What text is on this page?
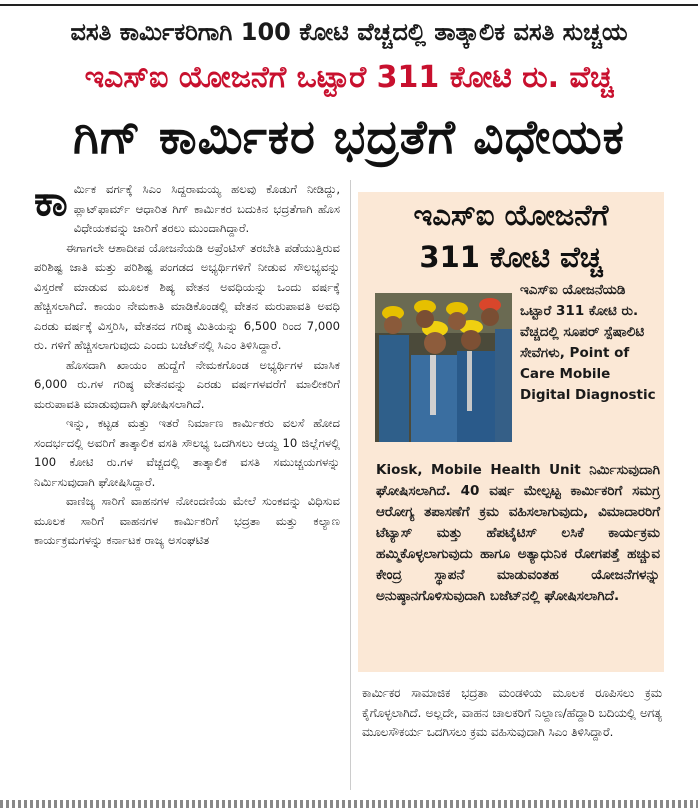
ವಸತಿ ಕಾರ್ಮಿಕರಿಗಾಗಿ 100 ಕೋಟಿ ವೆಚ್ಚದಲ್ಲಿ ತಾತ್ಕಾಲಿಕ ವಸತಿ ಸುಚ್ಚಯ
ಇಎಸ್‌ಐ ಯೋಜನೆಗೆ ಒಟ್ಟಾರೆ 311 ಕೋಟಿ ರು. ವೆಚ್ಚ
ಗಿಗ್ ಕಾರ್ಮಿಕರ ಭದ್ರತೆಗೆ ವಿಧೇಯಕ

ಕಾರ್ಮಿಕ ವರ್ಗಕ್ಕೆ ಸಿಎಂ ಸಿದ್ದರಾಮಯ್ಯ ಹಲವು ಕೊಡುಗೆ ನೀಡಿದ್ದು, ಪ್ಲಾಟ್‌ಫಾರ್ಮ್ ಆಧಾರಿತ ಗಿಗ್ ಕಾರ್ಮಿಕರ ಬದುಕಿನ ಭದ್ರತೆಗಾಗಿ ಹೊಸ ವಿಧೇಯಕವನ್ನು ಜಾರಿಗೆ ತರಲು ಮುಂದಾಗಿದ್ದಾರೆ.

ಈಗಾಗಲೇ ಆಶಾದೀಪ ಯೋಜನೆಯಡಿ ಅಪ್ರೆಂಟಿಸ್ ತರಬೇತಿ ಪಡೆಯುತ್ತಿರುವ ಪರಿಶಿಷ್ಟ ಜಾತಿ ಮತ್ತು ಪರಿಶಿಷ್ಟ ಪಂಗಡದ ಅಭ್ಯರ್ಥಿಗಳಿಗೆ ನೀಡುವ ಸೌಲಭ್ಯವನ್ನು ವಿಸ್ತರಣೆ ಮಾಡುವ ಮೂಲಕ ಶಿಷ್ಯ ವೇತನ ಅವಧಿಯನ್ನು ಒಂದು ವರ್ಷಕ್ಕೆ ಹೆಚ್ಚಿಸಲಾಗಿದೆ. ಕಾಯಂ ನೇಮಕಾತಿ ಮಾಡಿಕೊಂಡಲ್ಲಿ ವೇತನ ಮರುಪಾವತಿ ಅವಧಿ ಎರಡು ವರ್ಷಕ್ಕೆ ವಿಸ್ತರಿಸಿ, ವೇತನದ ಗರಿಷ್ಠ ಮಿತಿಯನ್ನು 6,500 ರಿಂದ 7,000 ರು. ಗಳಿಗೆ ಹೆಚ್ಚಿಸಲಾಗುವುದು ಎಂದು ಬಜೆಟ್‌ನಲ್ಲಿ ಸಿಎಂ ತಿಳಿಸಿದ್ದಾರೆ.

ಹೊಸದಾಗಿ ಖಾಯಂ ಹುದ್ದೆಗೆ ನೇಮಕಗೊಂಡ ಅಭ್ಯರ್ಥಿಗಳ ಮಾಸಿಕ 6,000 ರು.ಗಳ ಗರಿಷ್ಠ ವೇತನವನ್ನು ಎರಡು ವರ್ಷಗಳವರೆಗೆ ಮಾಲೀಕರಿಗೆ ಮರುಪಾವತಿ ಮಾಡುವುದಾಗಿ ಘೋಷಿಸಲಾಗಿದೆ.

ಇನ್ನು, ಕಟ್ಟಡ ಮತ್ತು ಇತರೆ ನಿರ್ಮಾಣ ಕಾರ್ಮಿಕರು ವಲಸೆ ಹೋದ ಸಂದರ್ಭದಲ್ಲಿ ಅವರಿಗೆ ತಾತ್ಕಾಲಿಕ ವಸತಿ ಸೌಲಭ್ಯ ಒದಗಿಸಲು ಆಯ್ದ 10 ಜಿಲ್ಲೆಗಳಲ್ಲಿ 100 ಕೋಟಿ ರು.ಗಳ ವೆಚ್ಚದಲ್ಲಿ ತಾತ್ಕಾಲಿಕ ವಸತಿ ಸಮುಚ್ಚಯಗಳನ್ನು ನಿರ್ಮಿಸುವುದಾಗಿ ಘೋಷಿಸಿದ್ದಾರೆ.

ವಾಣಿಜ್ಯ ಸಾರಿಗೆ ವಾಹನಗಳ ನೋಂದಣಿಯ ಮೇಲೆ ಸುಂಕವನ್ನು ವಿಧಿಸುವ ಮೂಲಕ ಸಾರಿಗೆ ವಾಹನಗಳ ಕಾರ್ಮಿಕರಿಗೆ ಭದ್ರತಾ ಮತ್ತು ಕಲ್ಯಾಣ ಕಾರ್ಯಕ್ರಮಗಳನ್ನು ಕರ್ನಾಟಕ ರಾಜ್ಯ ಅಸಂಘಟಿತ

ಇಎಸ್‌ಐ ಯೋಜನೆಗೆ
311 ಕೋಟಿ ವೆಚ್ಚ
ಇಎಸ್‌ಐ ಯೋಜನೆಯಡಿ ಒಟ್ಟಾರೆ 311 ಕೋಟಿ ರು. ವೆಚ್ಚದಲ್ಲಿ ಸೂಪರ್ ಸ್ಪೆಷಾಲಿಟಿ ಸೇವೆಗಳು, Point of Care Mobile Digital Diagnostic

Kiosk, Mobile Health Unit ನಿರ್ಮಿಸುವುದಾಗಿ ಘೋಷಿಸಲಾಗಿದೆ. 40 ವರ್ಷ ಮೇಲ್ಪಟ್ಟ ಕಾರ್ಮಿಕರಿಗೆ ಸಮಗ್ರ ಆರೋಗ್ಯ ತಪಾಸಣೆಗೆ ಕ್ರಮ ವಹಿಸಲಾಗುವುದು, ವಿಮಾದಾರರಿಗೆ ಟೆಟ್ಯಾಸ್ ಮತ್ತು ಹೆಪಟೈಟಿಸ್ ಲಸಿಕೆ ಕಾರ್ಯಕ್ರಮ ಹಮ್ಮಿಕೊಳ್ಳಲಾಗುವುದು ಹಾಗೂ ಅತ್ಯಾಧುನಿಕ ರೋಗಪತ್ತೆ ಹಚ್ಚುವ ಕೇಂದ್ರ ಸ್ಥಾಪನೆ ಮಾಡುವಂತಹ ಯೋಜನೆಗಳನ್ನು ಅನುಷ್ಠಾನಗೊಳಿಸುವುದಾಗಿ ಬಜೆಟ್‌ನಲ್ಲಿ ಘೋಷಿಸಲಾಗಿದೆ.

ಕಾರ್ಮಿಕರ ಸಾಮಾಜಿಕ ಭದ್ರತಾ ಮಂಡಳಿಯ ಮೂಲಕ ರೂಪಿಸಲು ಕ್ರಮ ಕೈಗೊಳ್ಳಲಾಗಿದೆ. ಅಲ್ಲದೇ, ವಾಹನ ಚಾಲಕರಿಗೆ ನಿಲ್ದಾಣ/ಹೆದ್ದಾರಿ ಬದಿಯಲ್ಲಿ ಅಗತ್ಯ ಮೂಲಸೌಕರ್ಯ ಒದಗಿಸಲು ಕ್ರಮ ವಹಿಸುವುದಾಗಿ ಸಿಎಂ ತಿಳಿಸಿದ್ದಾರೆ.
